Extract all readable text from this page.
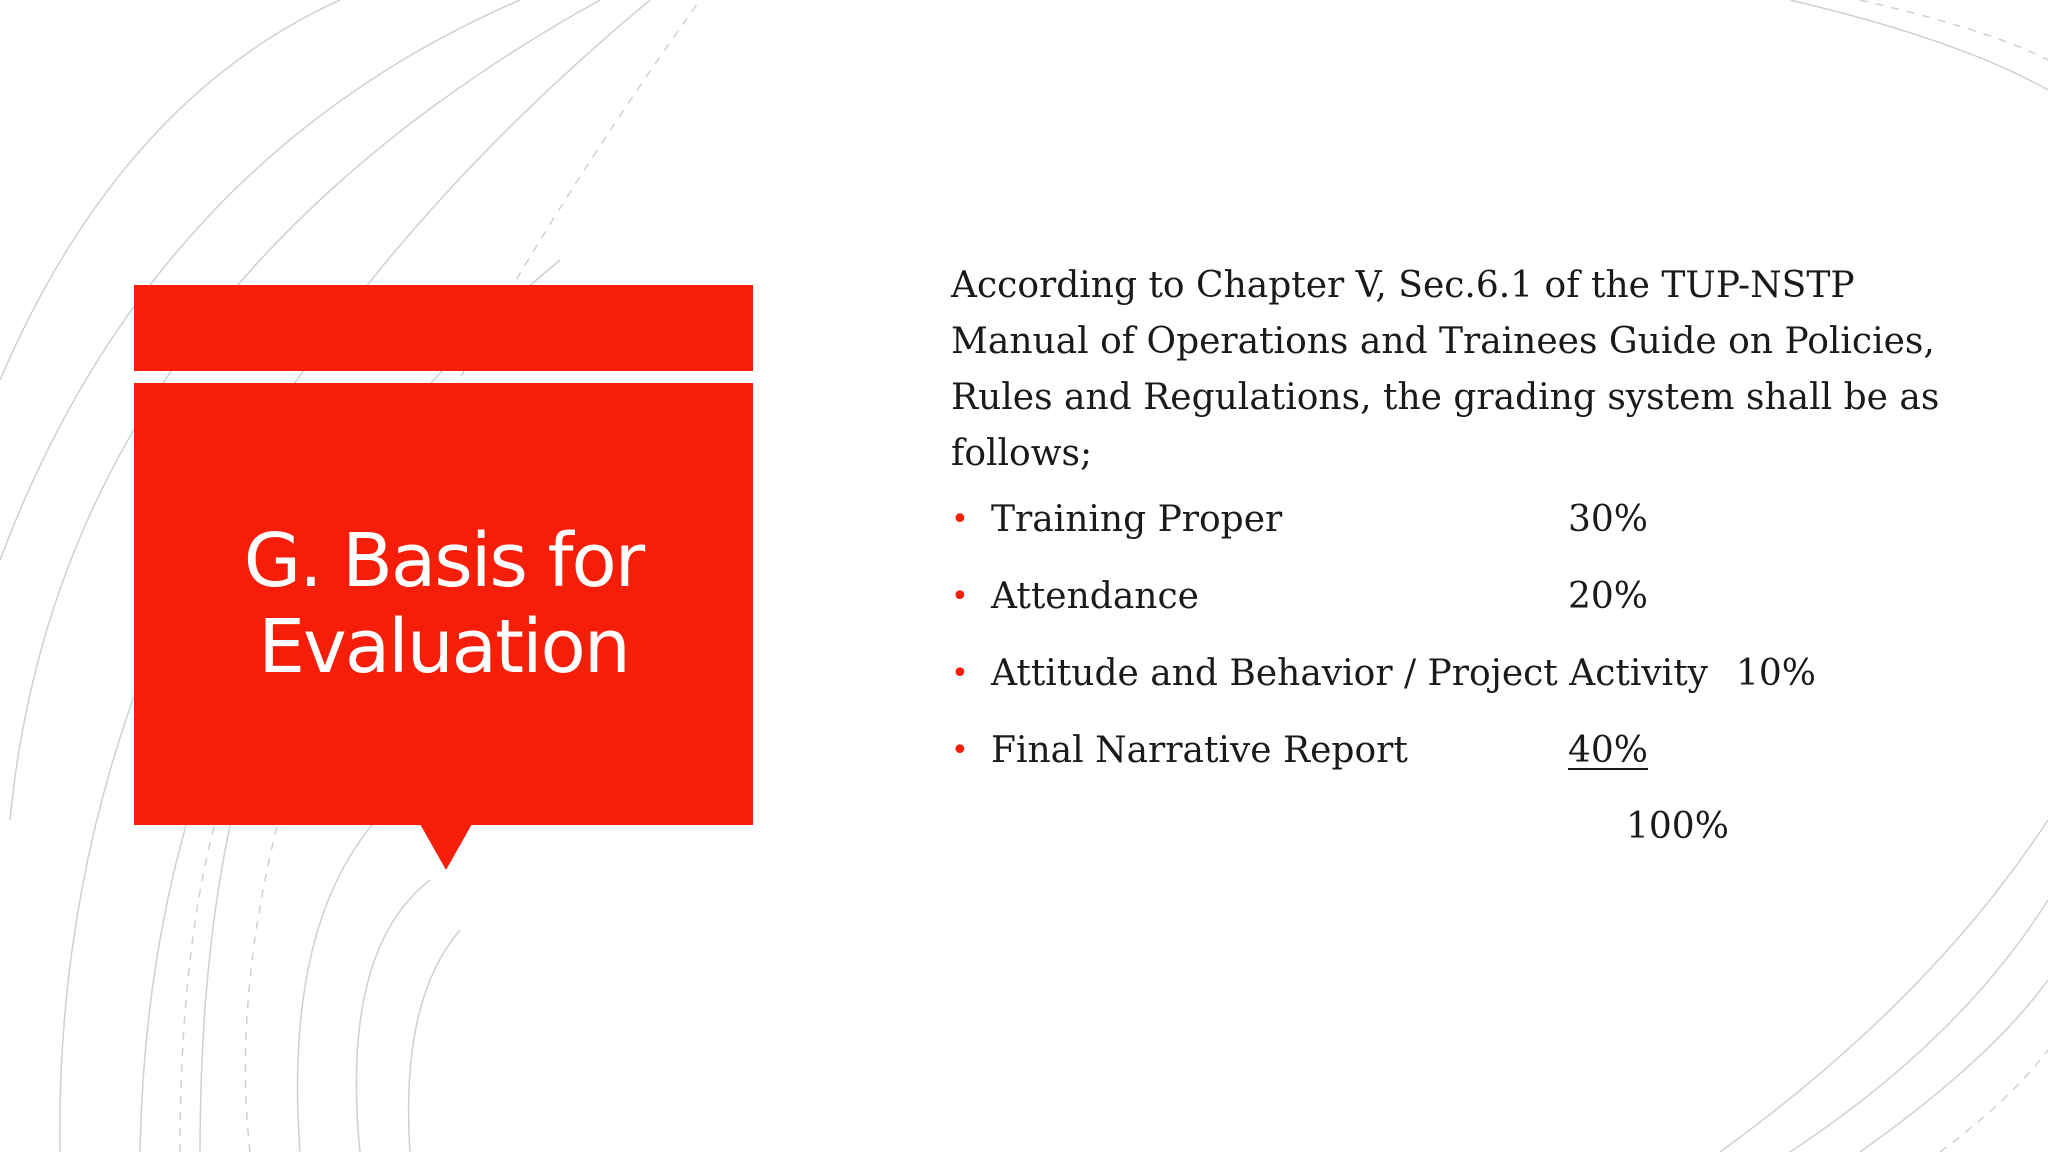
G. Basis for Evaluation

According to Chapter V, Sec.6.1 of the TUP-NSTP Manual of Operations and Trainees Guide on Policies, Rules and Regulations, the grading system shall be as follows;

• Training Proper	30%
• Attendance	20%
• Attitude and Behavior / Project Activity 10%
• Final Narrative Report	40%
100%
